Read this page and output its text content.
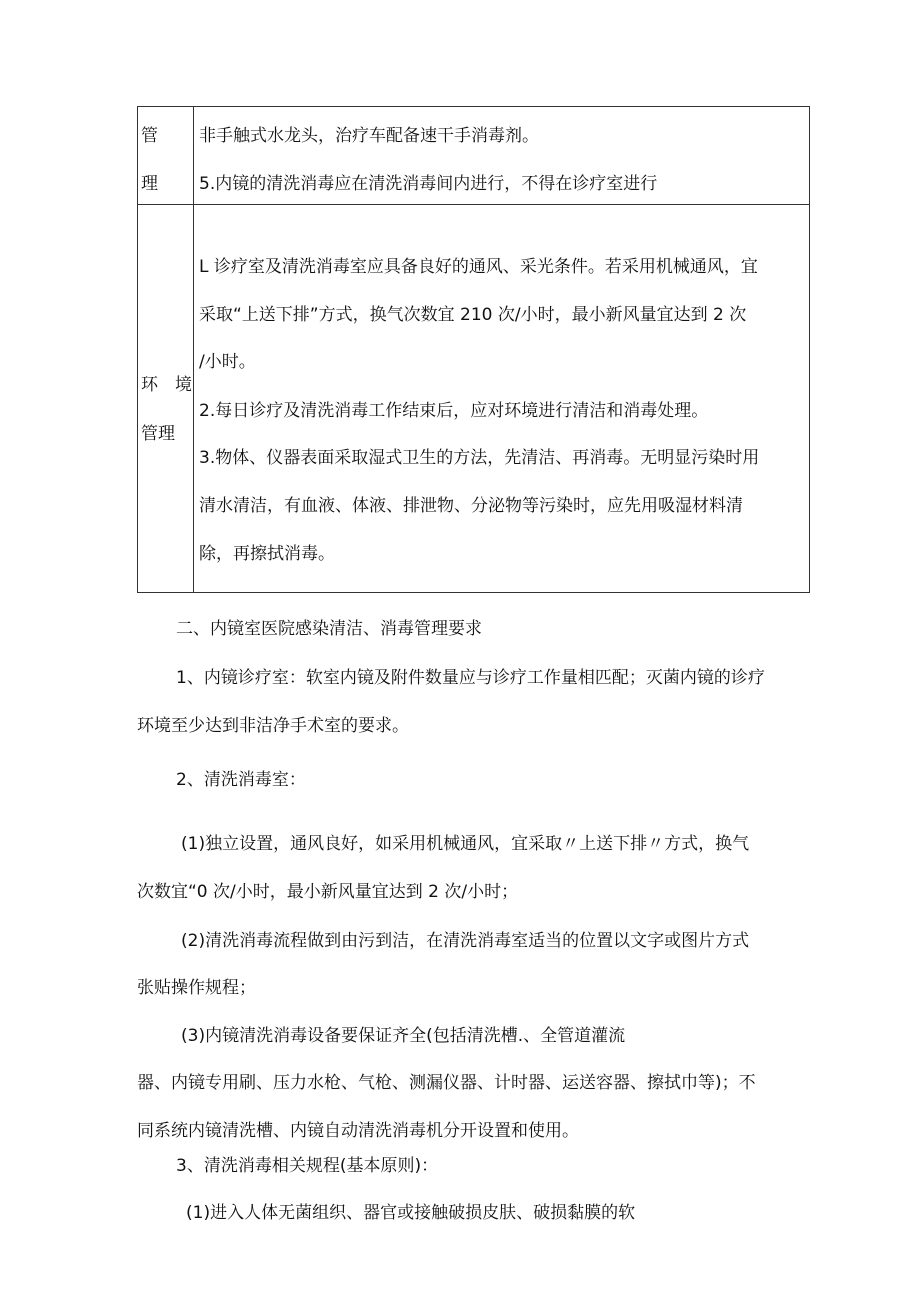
管
理
非手触式水龙头，治疗车配备速干手消毒剂。
5.内镜的清洗消毒应在清洗消毒间内进行，不得在诊疗室进行
环　境
管理
L 诊疗室及清洗消毒室应具备良好的通风、采光条件。若采用机械通风，宜
采取“上送下排”方式，换气次数宜 210 次/小时，最小新风量宜达到 2 次
/小时。
2.每日诊疗及清洗消毒工作结束后，应对环境进行清洁和消毒处理。
3.物体、仪器表面采取湿式卫生的方法，先清洁、再消毒。无明显污染时用
清水清洁，有血液、体液、排泄物、分泌物等污染时，应先用吸湿材料清
除，再擦拭消毒。
二、内镜室医院感染清洁、消毒管理要求
1、内镜诊疗室：软室内镜及附件数量应与诊疗工作量相匹配；灭菌内镜的诊疗
环境至少达到非洁净手术室的要求。
2、清洗消毒室：
(1)独立设置，通风良好，如采用机械通风，宜采取〃上送下排〃方式，换气
次数宜“0 次/小时，最小新风量宜达到 2 次/小时；
(2)清洗消毒流程做到由污到洁，在清洗消毒室适当的位置以文字或图片方式
张贴操作规程；
(3)内镜清洗消毒设备要保证齐全(包括清洗槽.、全管道灌流
器、内镜专用刷、压力水枪、气枪、测漏仪器、计时器、运送容器、擦拭巾等)；不
同系统内镜清洗槽、内镜自动清洗消毒机分开设置和使用。
3、清洗消毒相关规程(基本原则)：
(1)进入人体无菌组织、器官或接触破损皮肤、破损黏膜的软
